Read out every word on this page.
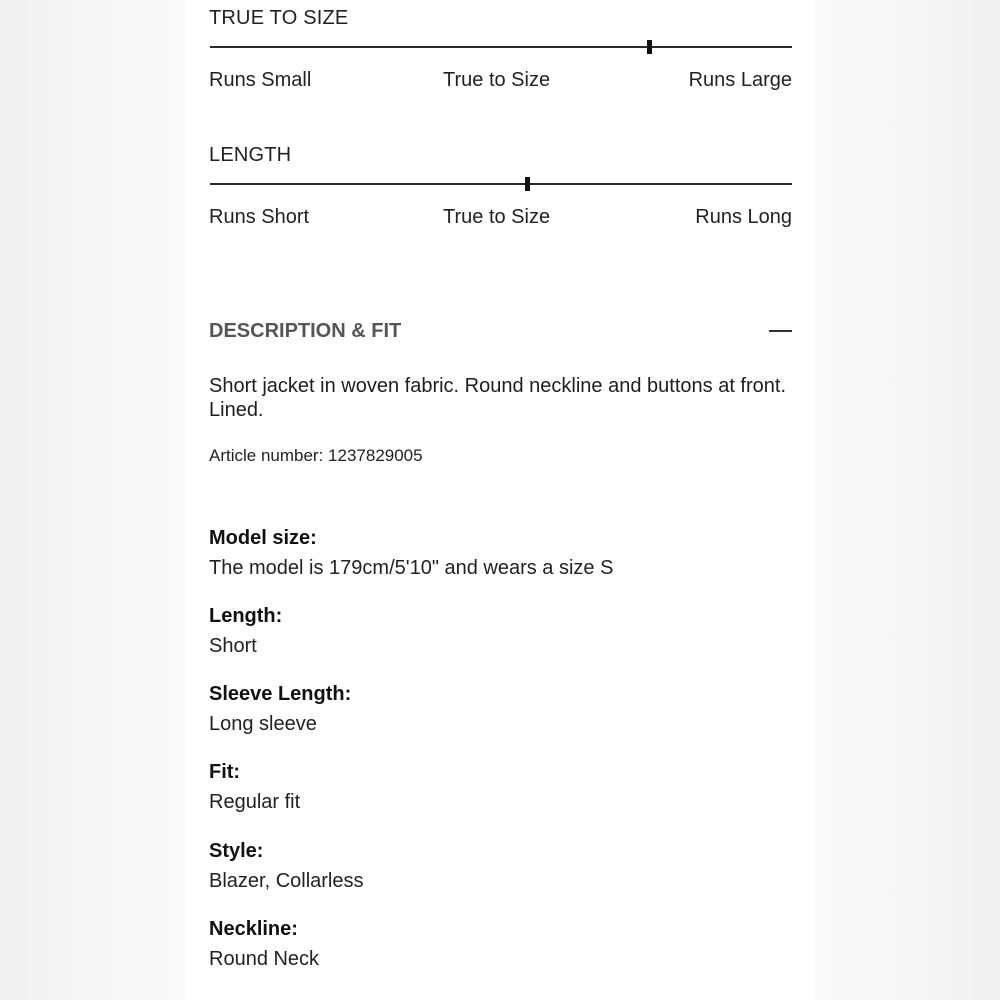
TRUE TO SIZE
Runs Small	True to Size	Runs Large
LENGTH
Runs Short	True to Size	Runs Long
DESCRIPTION & FIT
Short jacket in woven fabric. Round neckline and buttons at front. Lined.
Article number: 1237829005
Model size:
The model is 179cm/5'10" and wears a size S
Length:
Short
Sleeve Length:
Long sleeve
Fit:
Regular fit
Style:
Blazer, Collarless
Neckline:
Round Neck
